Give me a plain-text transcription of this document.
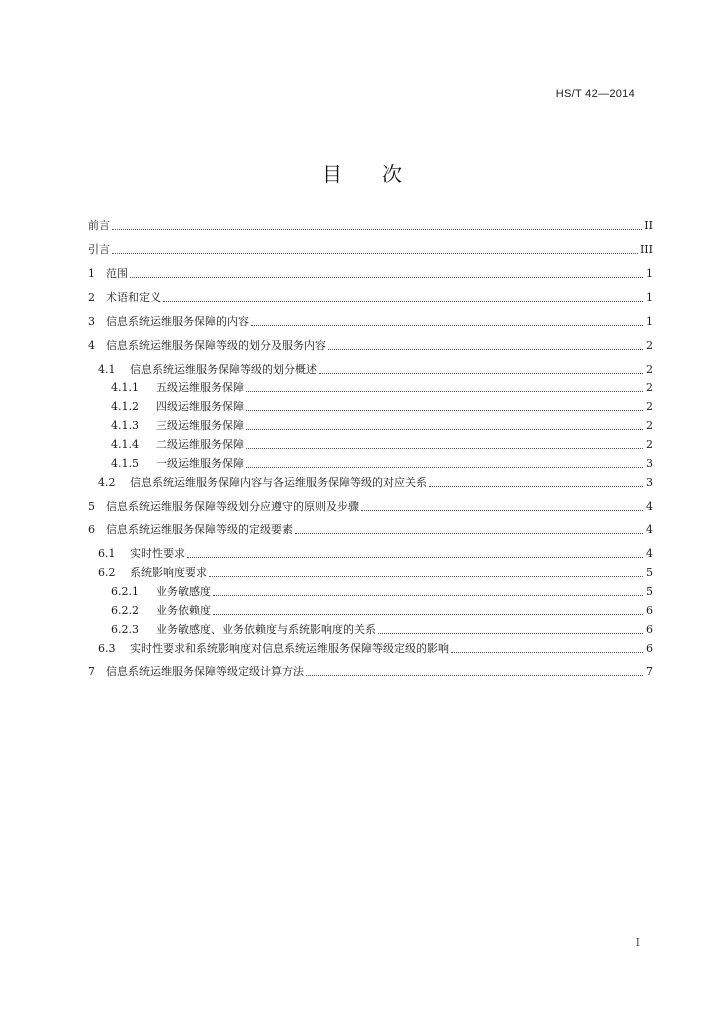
HS/T 42—2014
目 次
前言	II
引言	III
1	范围	1
2	术语和定义	1
3	信息系统运维服务保障的内容	1
4	信息系统运维服务保障等级的划分及服务内容	2
4.1	信息系统运维服务保障等级的划分概述	2
4.1.1	五级运维服务保障	2
4.1.2	四级运维服务保障	2
4.1.3	三级运维服务保障	2
4.1.4	二级运维服务保障	2
4.1.5	一级运维服务保障	3
4.2	信息系统运维服务保障内容与各运维服务保障等级的对应关系	3
5	信息系统运维服务保障等级划分应遵守的原则及步骤	4
6	信息系统运维服务保障等级的定级要素	4
6.1	实时性要求	4
6.2	系统影响度要求	5
6.2.1	业务敏感度	5
6.2.2	业务依赖度	6
6.2.3	业务敏感度、业务依赖度与系统影响度的关系	6
6.3	实时性要求和系统影响度对信息系统运维服务保障等级定级的影响	6
7	信息系统运维服务保障等级定级计算方法	7
I
